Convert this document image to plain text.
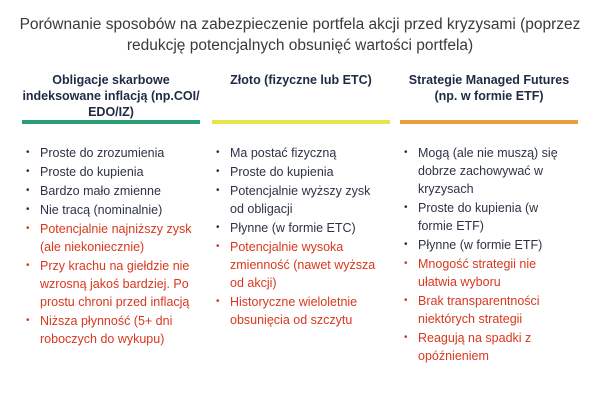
Porównanie sposobów na zabezpieczenie portfela akcji przed kryzysami (poprzez
redukcję potencjalnych obsunięć wartości portfela)
Obligacje skarbowe
indeksowane inflacją (np.COI/
EDO/IZ)
• Proste do zrozumienia
• Proste do kupienia
• Bardzo mało zmienne
• Nie tracą (nominalnie)
• Potencjalnie najniższy zysk
(ale niekoniecznie)
• Przy krachu na giełdzie nie
wzrosną jakoś bardziej. Po
prostu chroni przed inflacją
• Niższa płynność (5+ dni
roboczych do wykupu)
Złoto (fizyczne lub ETC)
• Ma postać fizyczną
• Proste do kupienia
• Potencjalnie wyższy zysk
od obligacji
• Płynne (w formie ETC)
• Potencjalnie wysoka
zmienność (nawet wyższa
od akcji)
• Historyczne wieloletnie
obsunięcia od szczytu
Strategie Managed Futures
(np. w formie ETF)
• Mogą (ale nie muszą) się
dobrze zachowywać w
kryzysach
• Proste do kupienia (w
formie ETF)
• Płynne (w formie ETF)
• Mnogość strategii nie
ułatwia wyboru
• Brak transparentności
niektórych strategii
• Reagują na spadki z
opóźnieniem
